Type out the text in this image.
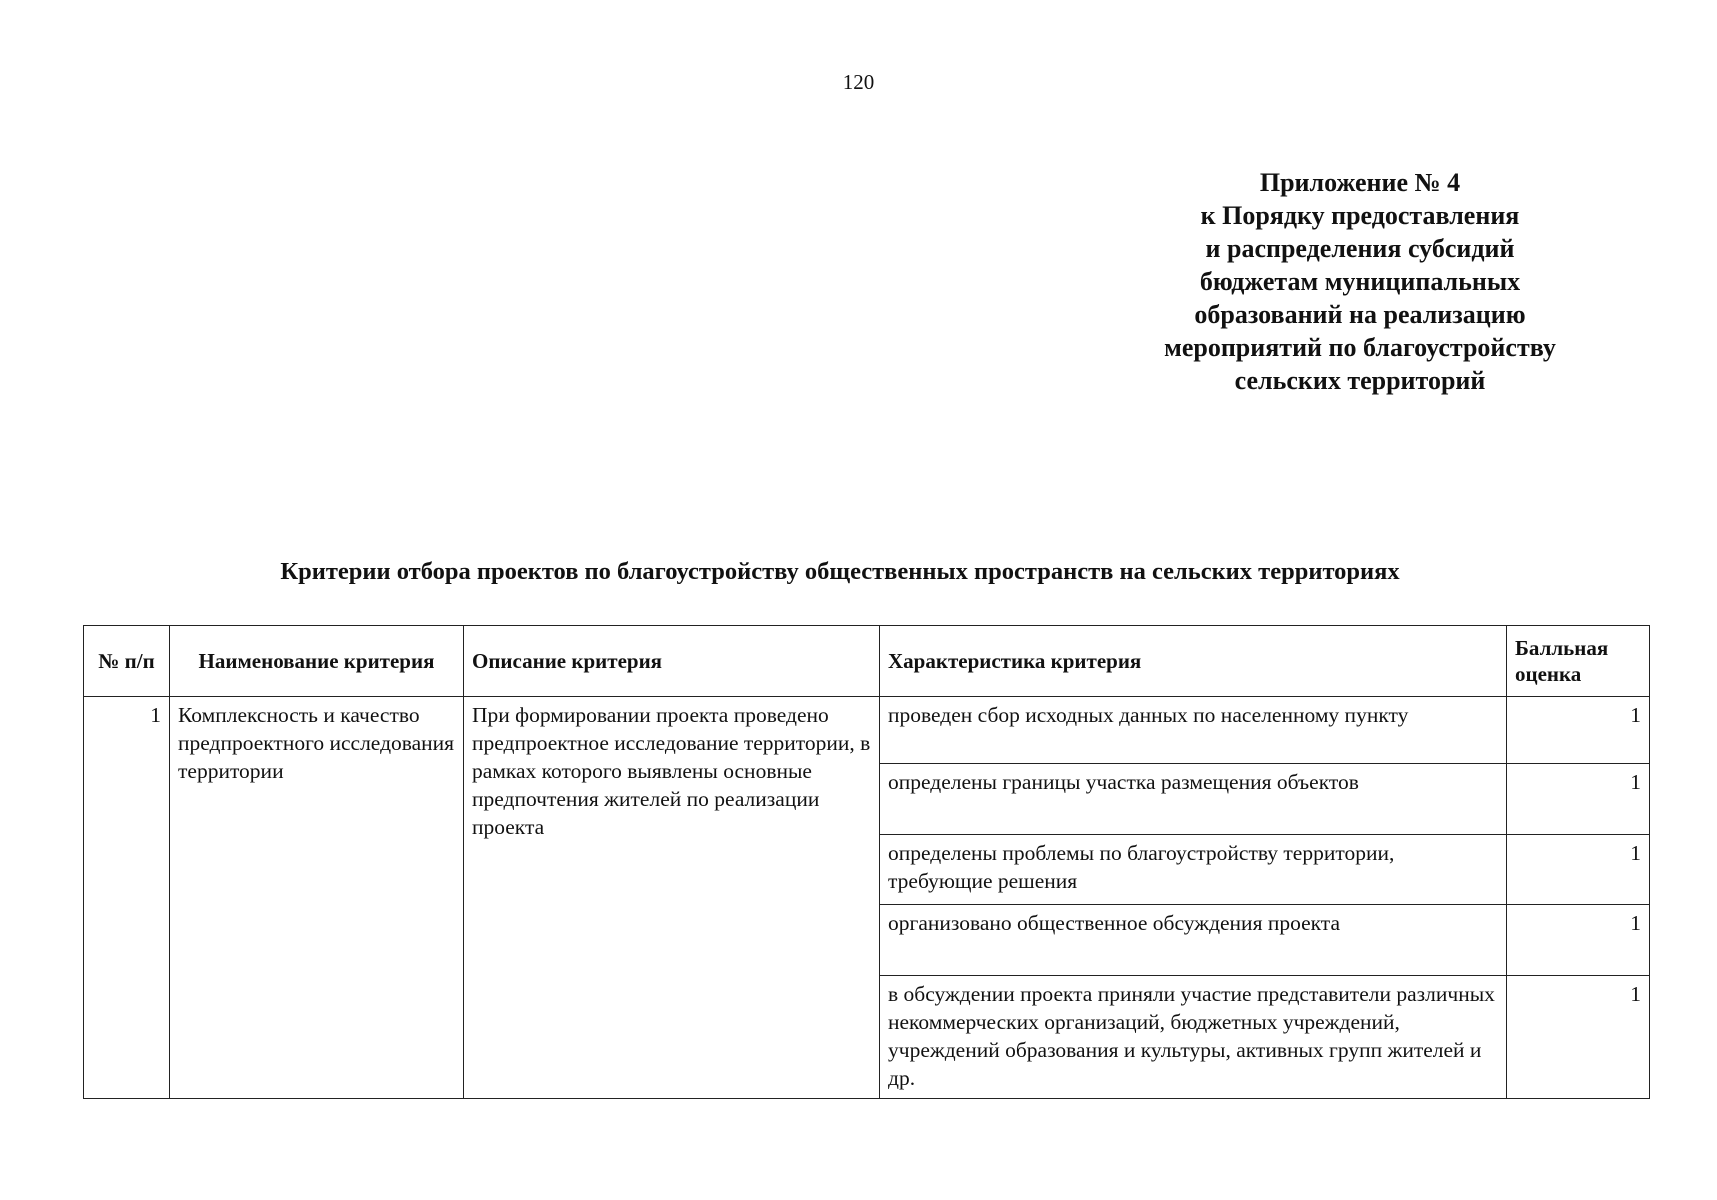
120
Приложение № 4
к Порядку предоставления
и распределения субсидий
бюджетам муниципальных
образований на реализацию
мероприятий по благоустройству
сельских территорий
Критерии отбора проектов по благоустройству общественных пространств на сельских территориях
№ п/п	Наименование критерия	Описание критерия	Характеристика критерия	Балльная оценка
1	Комплексность и качество предпроектного исследования территории	При формировании проекта проведено предпроектное исследование территории, в рамках которого выявлены основные предпочтения жителей по реализации проекта	проведен сбор исходных данных по населенному пункту	1
			определены границы участка размещения объектов	1
			определены проблемы по благоустройству территории, требующие решения	1
			организовано общественное обсуждения проекта	1
			в обсуждении проекта приняли участие представители различных некоммерческих организаций, бюджетных учреждений, учреждений образования и культуры, активных групп жителей и др.	1
